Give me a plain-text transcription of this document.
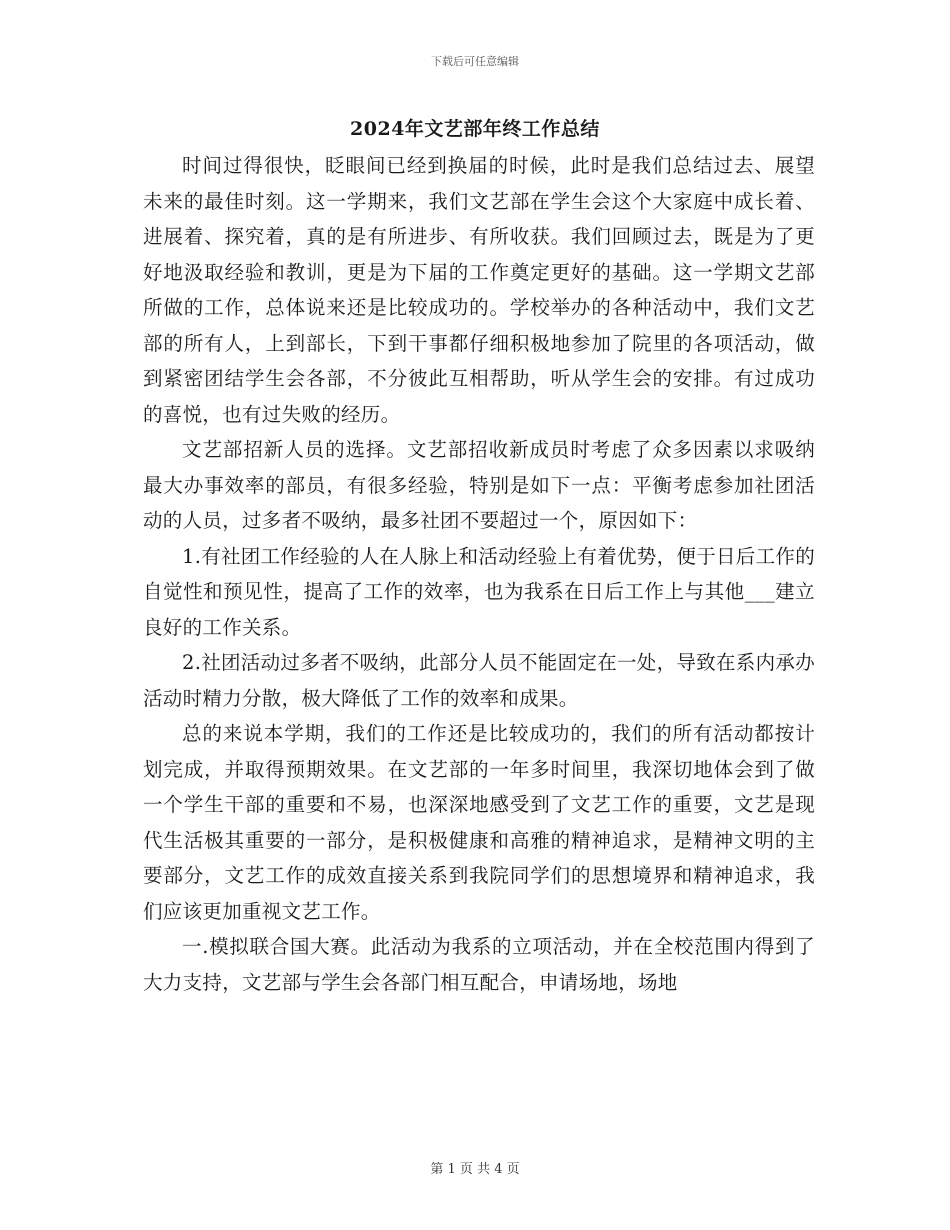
下载后可任意编辑
2024年文艺部年终工作总结

时间过得很快，眨眼间已经到换届的时候，此时是我们总结过去、展望未来的最佳时刻。这一学期来，我们文艺部在学生会这个大家庭中成长着、进展着、探究着，真的是有所进步、有所收获。我们回顾过去，既是为了更好地汲取经验和教训，更是为下届的工作奠定更好的基础。这一学期文艺部所做的工作，总体说来还是比较成功的。学校举办的各种活动中，我们文艺部的所有人，上到部长，下到干事都仔细积极地参加了院里的各项活动，做到紧密团结学生会各部，不分彼此互相帮助，听从学生会的安排。有过成功的喜悦，也有过失败的经历。

文艺部招新人员的选择。文艺部招收新成员时考虑了众多因素以求吸纳最大办事效率的部员，有很多经验，特别是如下一点：平衡考虑参加社团活动的人员，过多者不吸纳，最多社团不要超过一个，原因如下：

1.有社团工作经验的人在人脉上和活动经验上有着优势，便于日后工作的自觉性和预见性，提高了工作的效率，也为我系在日后工作上与其他___建立良好的工作关系。

2.社团活动过多者不吸纳，此部分人员不能固定在一处，导致在系内承办活动时精力分散，极大降低了工作的效率和成果。

总的来说本学期，我们的工作还是比较成功的，我们的所有活动都按计划完成，并取得预期效果。在文艺部的一年多时间里，我深切地体会到了做一个学生干部的重要和不易，也深深地感受到了文艺工作的重要，文艺是现代生活极其重要的一部分，是积极健康和高雅的精神追求，是精神文明的主要部分，文艺工作的成效直接关系到我院同学们的思想境界和精神追求，我们应该更加重视文艺工作。

一.模拟联合国大赛。此活动为我系的立项活动，并在全校范围内得到了大力支持，文艺部与学生会各部门相互配合，申请场地，场地

第 1 页 共 4 页
